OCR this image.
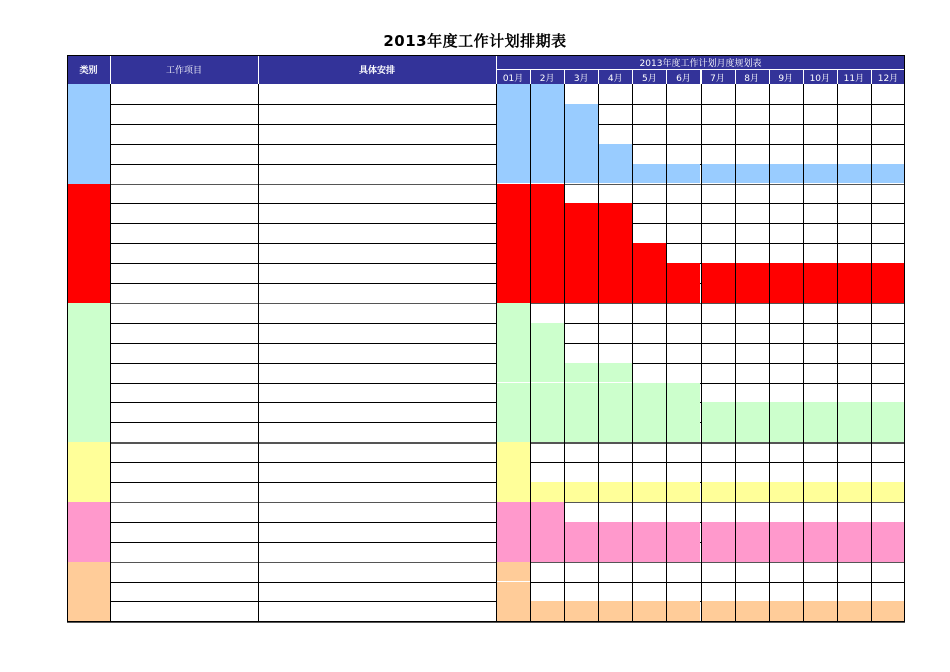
2013年度工作计划排期表
类别	工作项目	具体安排
2013年度工作计划月度规划表
01月	2月	3月	4月	5月	6月	7月	8月	9月	10月	11月	12月
